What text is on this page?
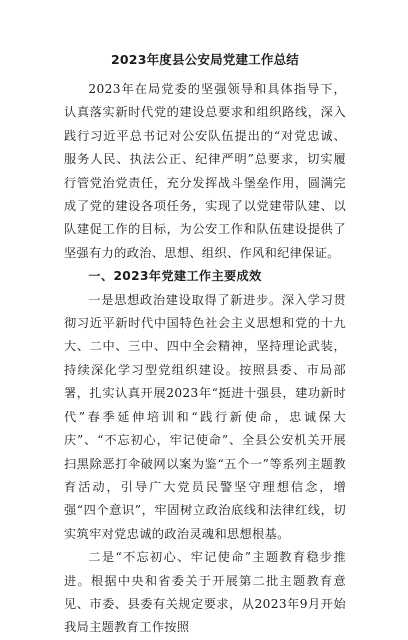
2023年度县公安局党建工作总结

2023年在局党委的坚强领导和具体指导下，认真落实新时代党的建设总要求和组织路线，深入践行习近平总书记对公安队伍提出的“对党忠诚、服务人民、执法公正、纪律严明”总要求，切实履行管党治党责任，充分发挥战斗堡垒作用，圆满完成了党的建设各项任务，实现了以党建带队建、以队建促工作的目标，为公安工作和队伍建设提供了坚强有力的政治、思想、组织、作风和纪律保证。

一、2023年党建工作主要成效

一是思想政治建设取得了新进步。深入学习贯彻习近平新时代中国特色社会主义思想和党的十九大、二中、三中、四中全会精神，坚持理论武装，持续深化学习型党组织建设。按照县委、市局部署，扎实认真开展2023年“挺进十强县，建功新时代”春季延伸培训和“践行新使命，忠诚保大庆”、“不忘初心，牢记使命”、全县公安机关开展扫黑除恶打伞破网以案为鉴“五个一”等系列主题教育活动，引导广大党员民警坚守理想信念，增强“四个意识”，牢固树立政治底线和法律红线，切实筑牢对党忠诚的政治灵魂和思想根基。

二是“不忘初心、牢记使命”主题教育稳步推进。根据中央和省委关于开展第二批主题教育意见、市委、县委有关规定要求，从2023年9月开始我局主题教育工作按照
